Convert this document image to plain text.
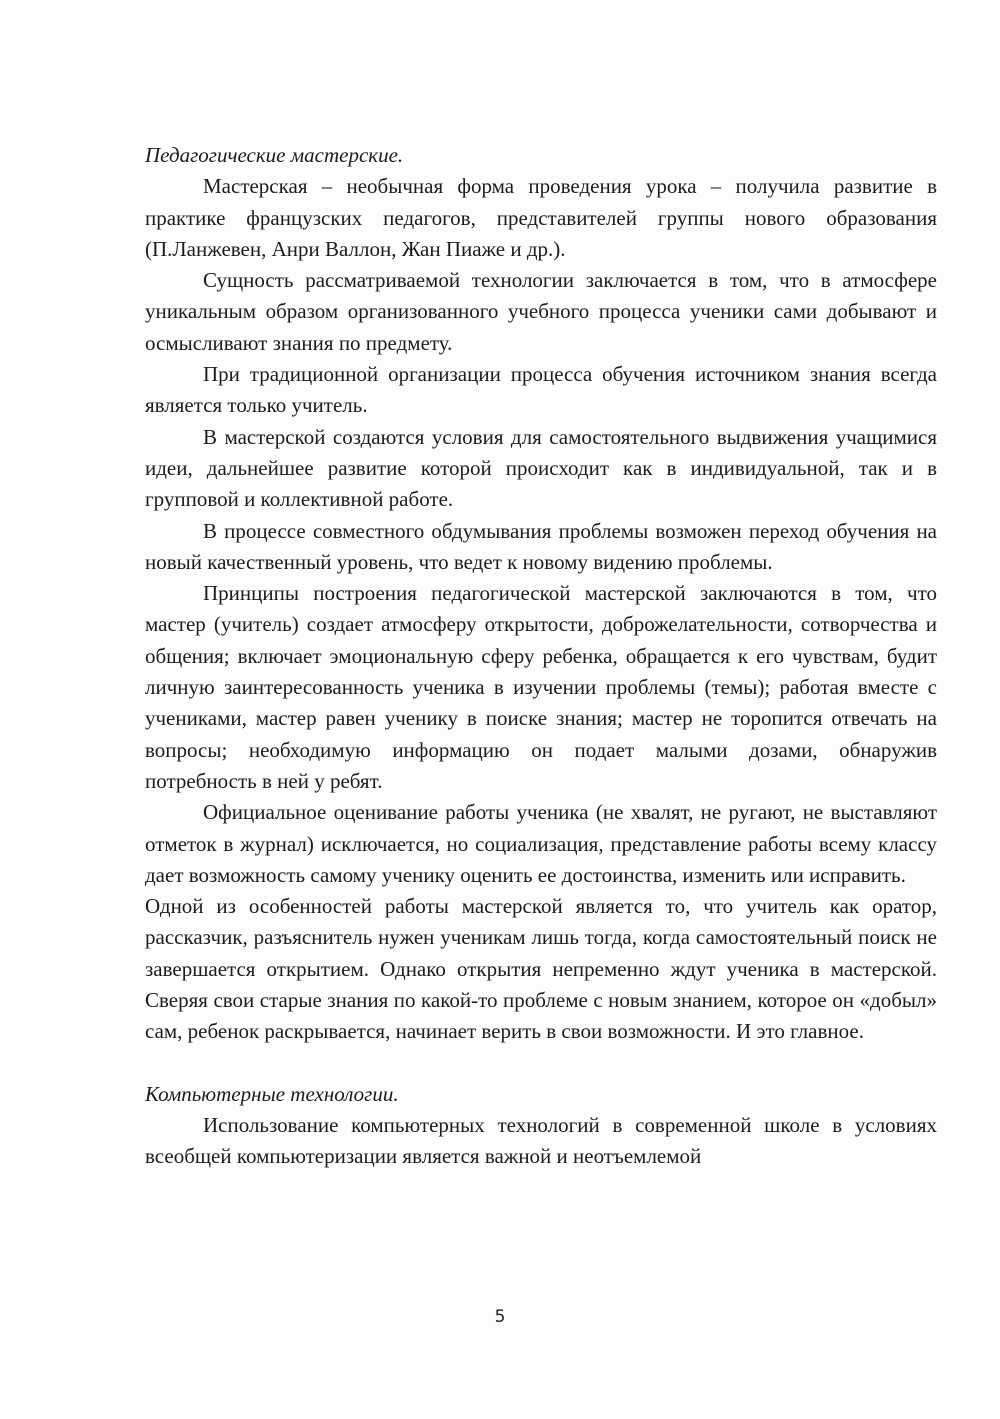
Педагогические мастерские.

Мастерская – необычная форма проведения урока – получила развитие в практике французских педагогов, представителей группы нового образования (П.Ланжевен, Анри Валлон, Жан Пиаже и др.).

Сущность рассматриваемой технологии заключается в том, что в атмосфере уникальным образом организованного учебного процесса ученики сами добывают и осмысливают знания по предмету.

При традиционной организации процесса обучения источником знания всегда является только учитель.

В мастерской создаются условия для самостоятельного выдвижения учащимися идеи, дальнейшее развитие которой происходит как в индивидуальной, так и в групповой и коллективной работе.

В процессе совместного обдумывания проблемы возможен переход обучения на новый качественный уровень, что ведет к новому видению проблемы.

Принципы построения педагогической мастерской заключаются в том, что мастер (учитель) создает атмосферу открытости, доброжелательности, сотворчества и общения; включает эмоциональную сферу ребенка, обращается к его чувствам, будит личную заинтересованность ученика в изучении проблемы (темы); работая вместе с учениками, мастер равен ученику в поиске знания; мастер не торопится отвечать на вопросы; необходимую информацию он подает малыми дозами, обнаружив потребность в ней у ребят.

Официальное оценивание работы ученика (не хвалят, не ругают, не выставляют отметок в журнал) исключается, но социализация, представление работы всему классу дает возможность самому ученику оценить ее достоинства, изменить или исправить.

Одной из особенностей работы мастерской является то, что учитель как оратор, рассказчик, разъяснитель нужен ученикам лишь тогда, когда самостоятельный поиск не завершается открытием. Однако открытия непременно ждут ученика в мастерской. Сверяя свои старые знания по какой-то проблеме с новым знанием, которое он «добыл» сам, ребенок раскрывается, начинает верить в свои возможности. И это главное.

Компьютерные технологии.

Использование компьютерных технологий в современной школе в условиях всеобщей компьютеризации является важной и неотъемлемой

5
